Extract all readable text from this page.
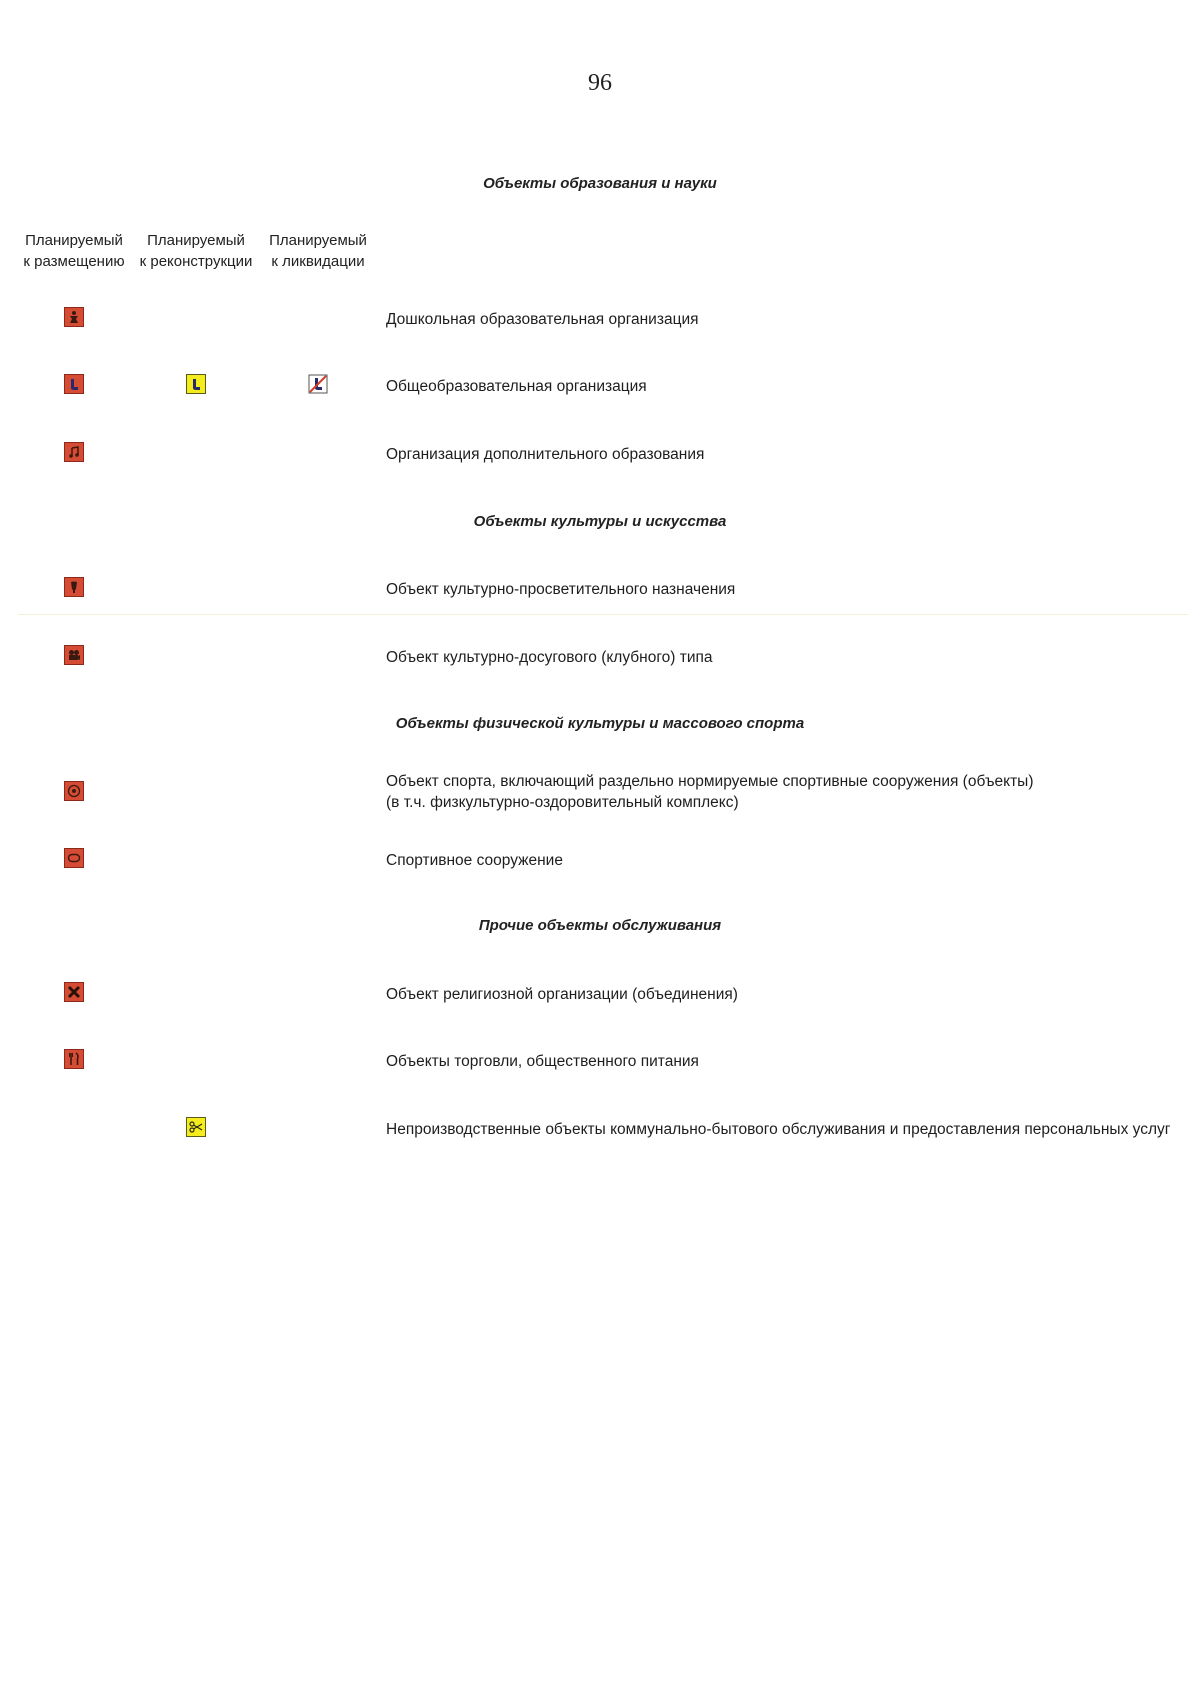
96
Планируемый
к размещению
Планируемый
к реконструкции
Планируемый
к ликвидации
Объекты образования и науки
Дошкольная образовательная организация
Общеобразовательная организация
Организация дополнительного образования
Объекты культуры и искусства
Объект культурно-просветительного назначения
Объект культурно-досугового (клубного) типа
Объекты физической культуры и массового спорта
Объект спорта, включающий раздельно нормируемые спортивные сооружения (объекты)
(в т.ч. физкультурно-оздоровительный комплекс)
Спортивное сооружение
Прочие объекты обслуживания
Объект религиозной организации (объединения)
Объекты торговли, общественного питания
Непроизводственные объекты коммунально-бытового обслуживания и предоставления персональных услуг
